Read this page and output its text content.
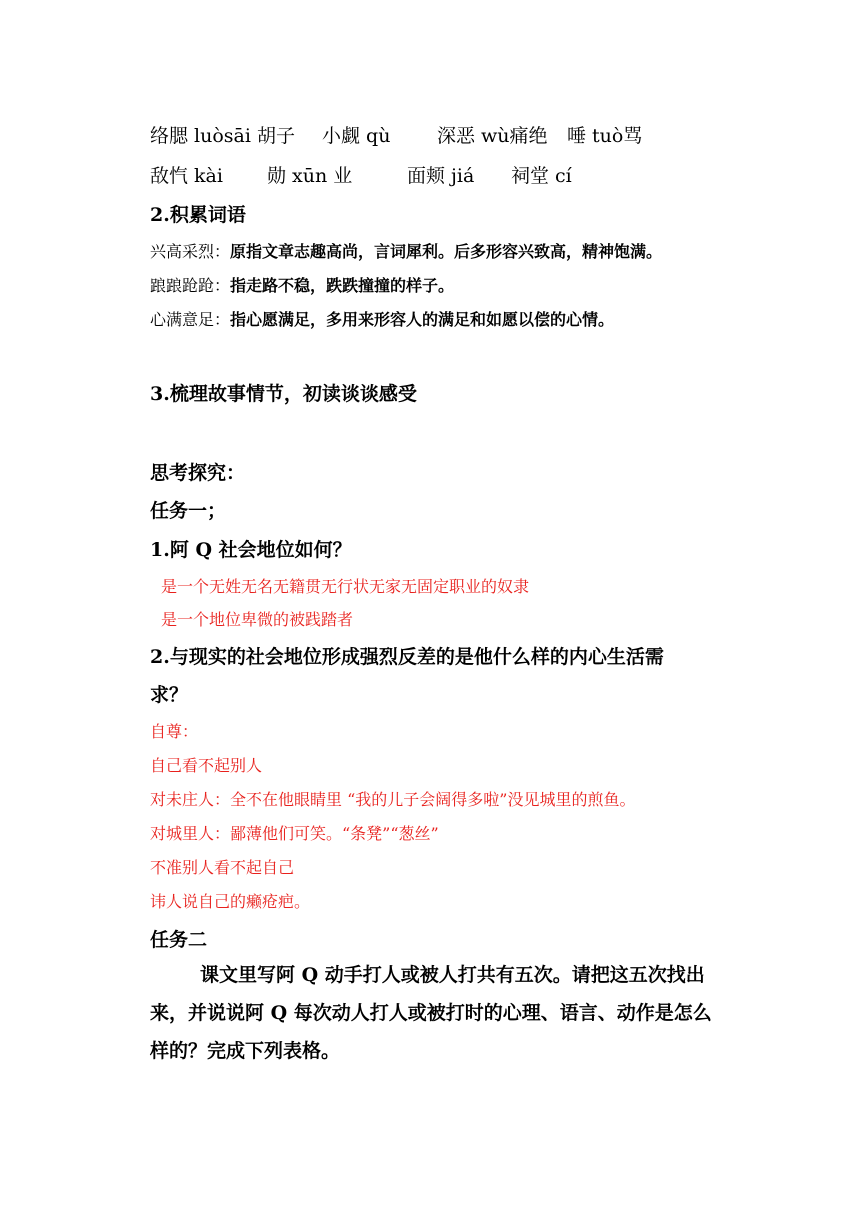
络腮 luòsāi 胡子 小觑 qù 深恶 wù痛绝 唾 tuò骂
敌忾 kài 勋 xūn 业	面颊 jiá 祠堂 cí
2.积累词语
兴高采烈：原指文章志趣高尚，言词犀利。后多形容兴致高，精神饱满。
踉踉跄跄：指走路不稳，跌跌撞撞的样子。
心满意足：指心愿满足，多用来形容人的满足和如愿以偿的心情。
3.梳理故事情节，初读谈谈感受
思考探究：
任务一；
1.阿 Q 社会地位如何？
是一个无姓无名无籍贯无行状无家无固定职业的奴隶
是一个地位卑微的被践踏者
2.与现实的社会地位形成强烈反差的是他什么样的内心生活需
求？
自尊：
自己看不起别人
对未庄人：全不在他眼睛里 “我的儿子会阔得多啦”没见城里的煎鱼。
对城里人：鄙薄他们可笑。“条凳”“葱丝”
不准别人看不起自己
讳人说自己的癞疮疤。
任务二
课文里写阿 Q 动手打人或被人打共有五次。请把这五次找出来，并说说阿 Q 每次动人打人或被打时的心理、语言、动作是怎么样的？完成下列表格。
